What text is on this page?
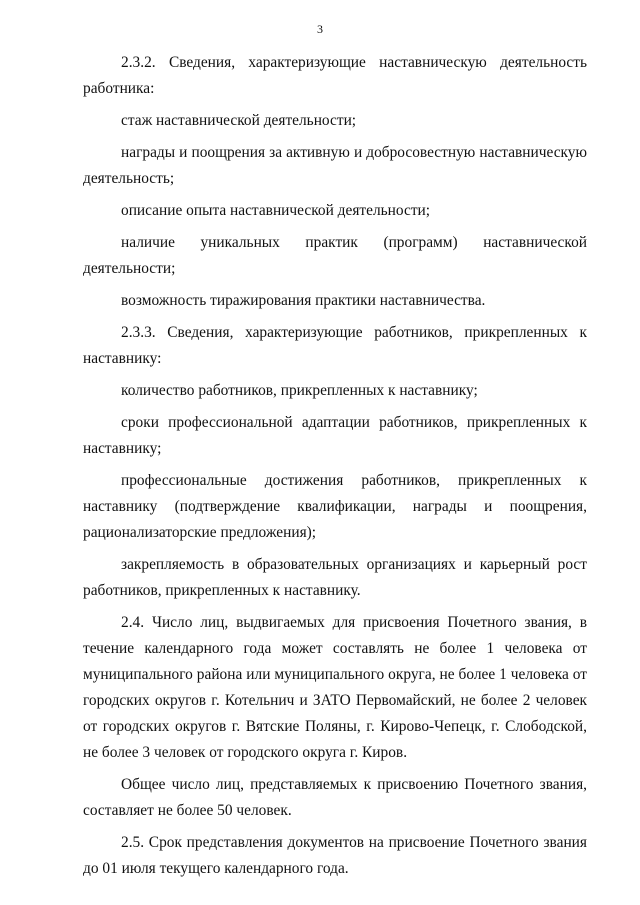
3

2.3.2. Сведения, характеризующие наставническую деятельность работника:

стаж наставнической деятельности;

награды и поощрения за активную и добросовестную наставническую деятельность;

описание опыта наставнической деятельности;

наличие уникальных практик (программ) наставнической деятельности;

возможность тиражирования практики наставничества.

2.3.3. Сведения, характеризующие работников, прикрепленных к наставнику:

количество работников, прикрепленных к наставнику;

сроки профессиональной адаптации работников, прикрепленных к наставнику;

профессиональные достижения работников, прикрепленных к наставнику (подтверждение квалификации, награды и поощрения, рационализаторские предложения);

закрепляемость в образовательных организациях и карьерный рост работников, прикрепленных к наставнику.

2.4. Число лиц, выдвигаемых для присвоения Почетного звания, в течение календарного года может составлять не более 1 человека от муниципального района или муниципального округа, не более 1 человека от городских округов г. Котельнич и ЗАТО Первомайский, не более 2 человек от городских округов г. Вятские Поляны, г. Кирово-Чепецк, г. Слободской, не более 3 человек от городского округа г. Киров.

Общее число лиц, представляемых к присвоению Почетного звания, составляет не более 50 человек.

2.5. Срок представления документов на присвоение Почетного звания до 01 июля текущего календарного года.
